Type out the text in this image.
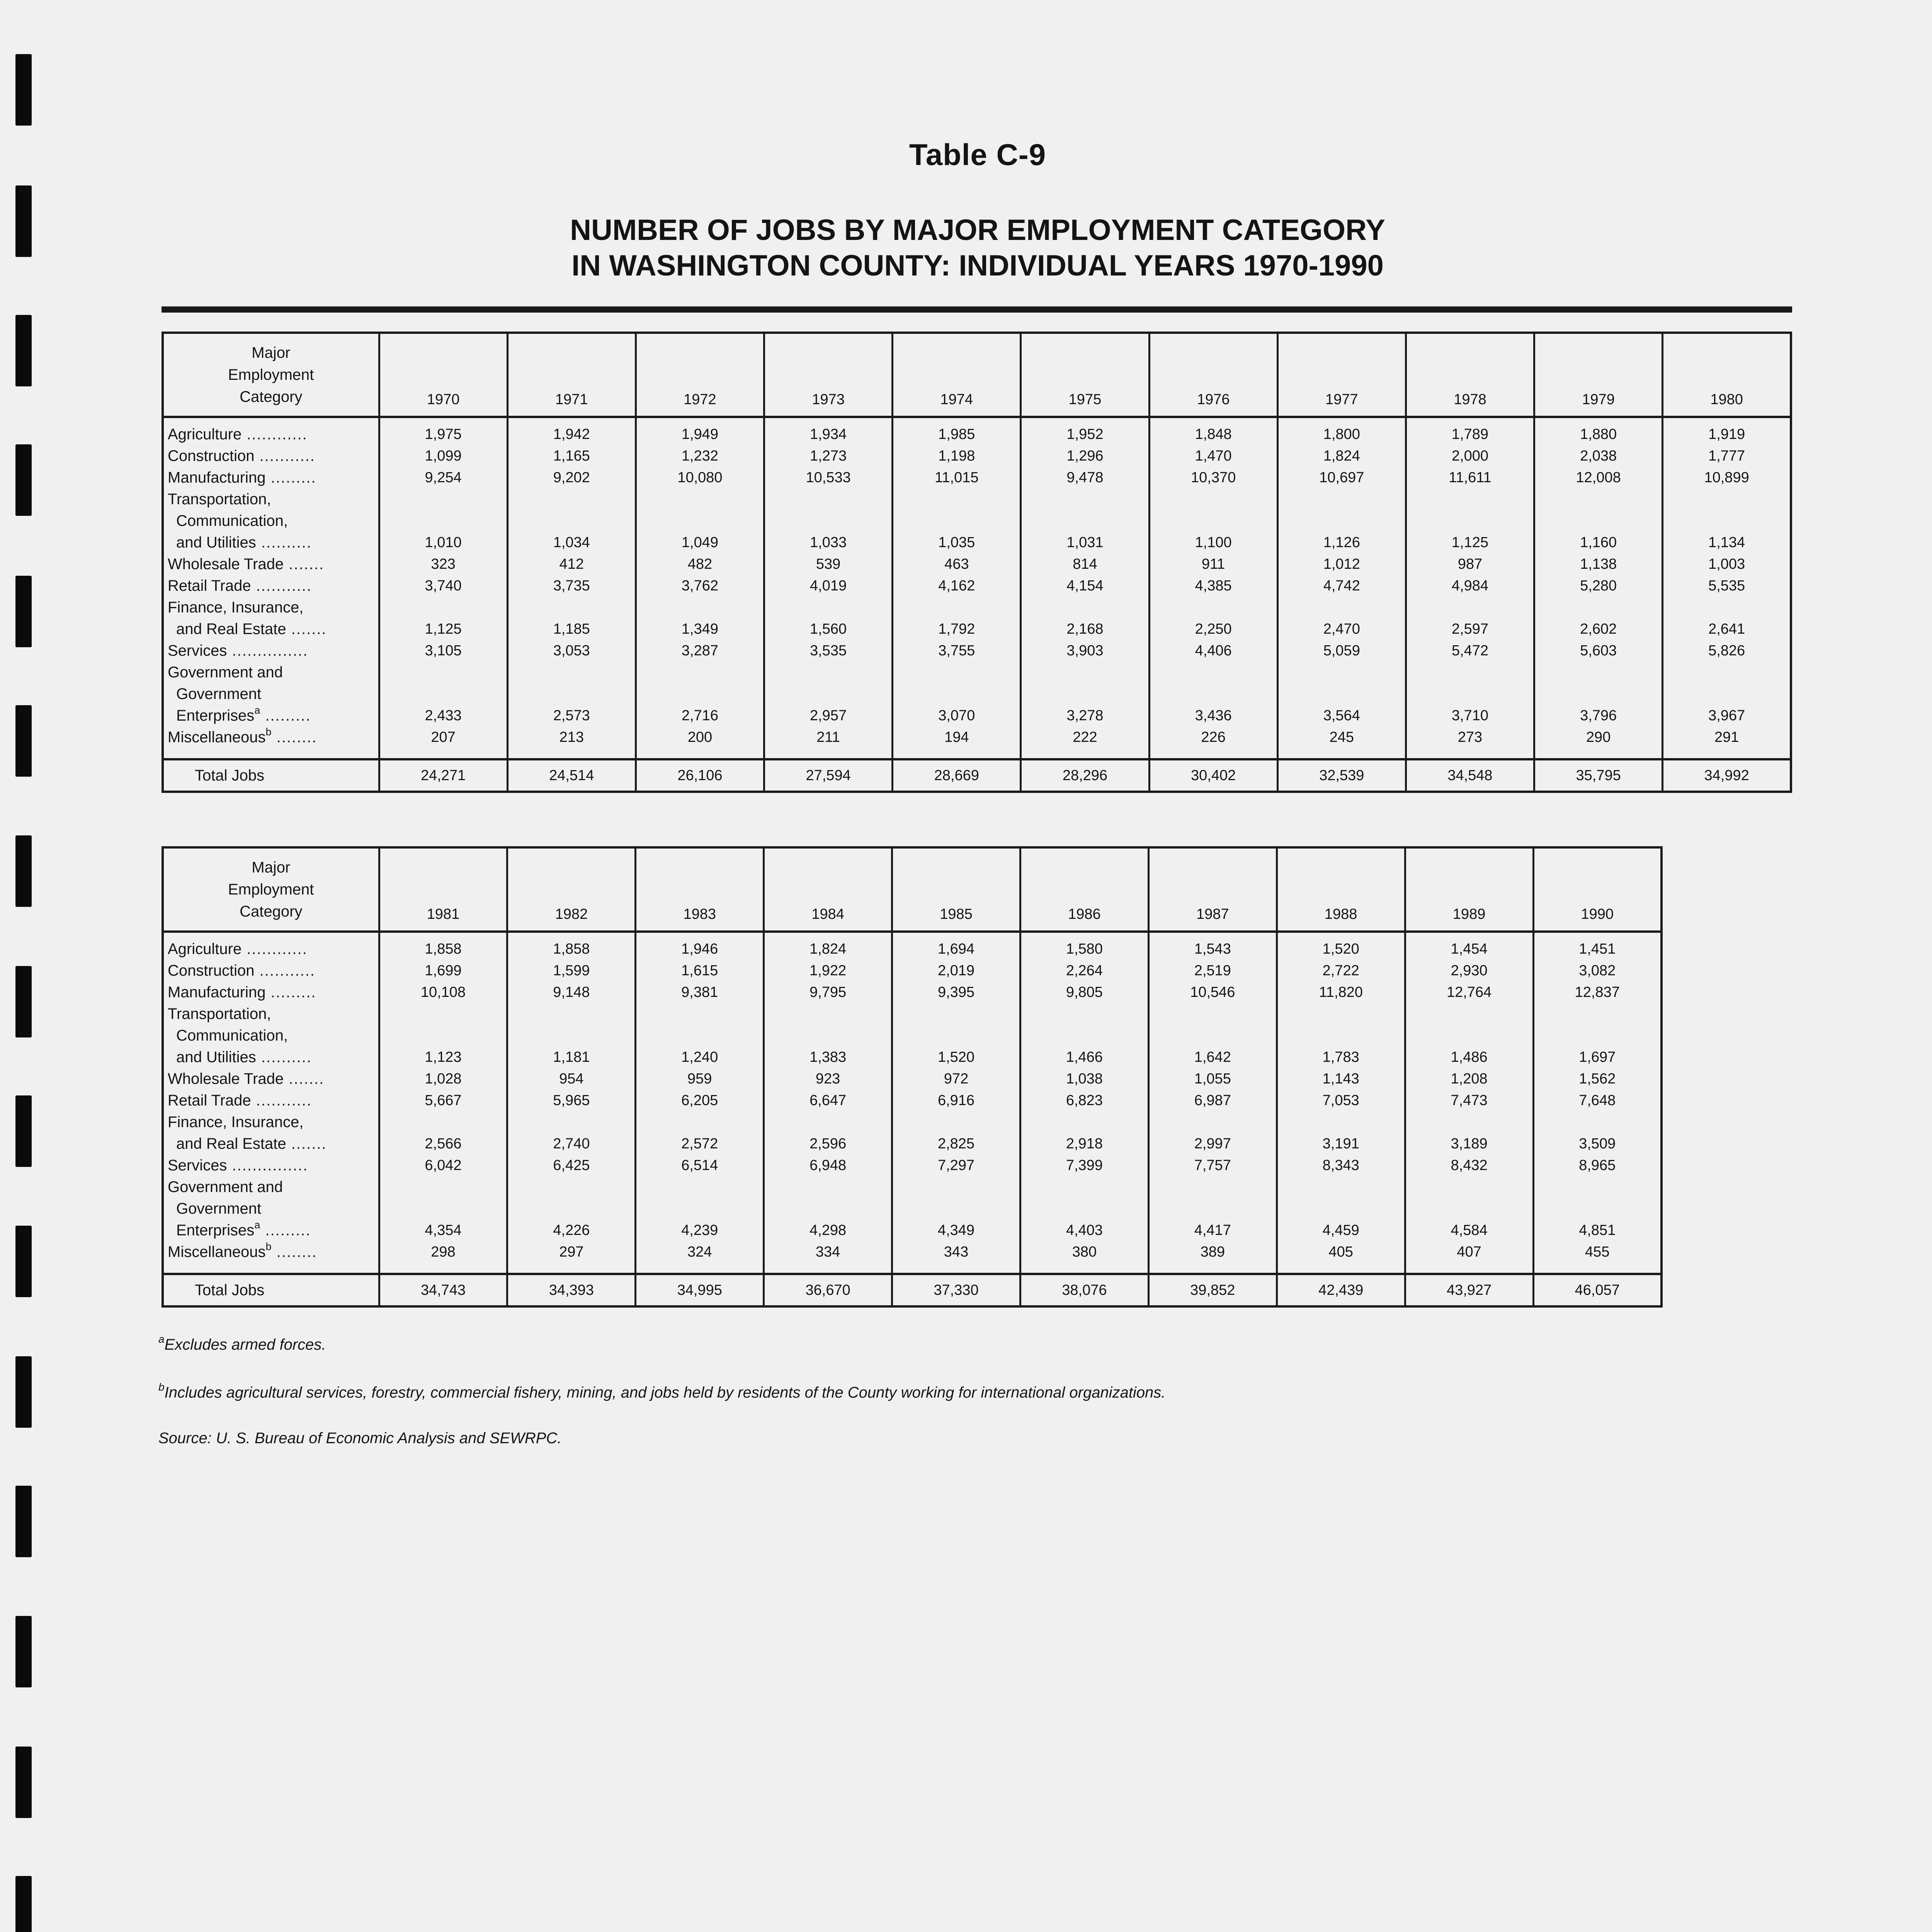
Table C-9
NUMBER OF JOBS BY MAJOR EMPLOYMENT CATEGORY
IN WASHINGTON COUNTY: INDIVIDUAL YEARS 1970-1990
Major
Employment
Category	1970	1971	1972	1973	1974	1975	1976	1977	1978	1979	1980
Agriculture ............	1,975	1,942	1,949	1,934	1,985	1,952	1,848	1,800	1,789	1,880	1,919
Construction ...........	1,099	1,165	1,232	1,273	1,198	1,296	1,470	1,824	2,000	2,038	1,777
Manufacturing .........	9,254	9,202	10,080	10,533	11,015	9,478	10,370	10,697	11,611	12,008	10,899
Transportation,											
Communication,											
and Utilities ..........	1,010	1,034	1,049	1,033	1,035	1,031	1,100	1,126	1,125	1,160	1,134
Wholesale Trade .......	323	412	482	539	463	814	911	1,012	987	1,138	1,003
Retail Trade ...........	3,740	3,735	3,762	4,019	4,162	4,154	4,385	4,742	4,984	5,280	5,535
Finance, Insurance,											
and Real Estate .......	1,125	1,185	1,349	1,560	1,792	2,168	2,250	2,470	2,597	2,602	2,641
Services ...............	3,105	3,053	3,287	3,535	3,755	3,903	4,406	5,059	5,472	5,603	5,826
Government and											
Government											
Enterprises$^a$ .........	2,433	2,573	2,716	2,957	3,070	3,278	3,436	3,564	3,710	3,796	3,967
Miscellaneous$^b$ ........	207	213	200	211	194	222	226	245	273	290	291
Total Jobs	24,271	24,514	26,106	27,594	28,669	28,296	30,402	32,539	34,548	35,795	34,992
Major
Employment
Category	1981	1982	1983	1984	1985	1986	1987	1988	1989	1990
Agriculture ............	1,858	1,858	1,946	1,824	1,694	1,580	1,543	1,520	1,454	1,451
Construction ...........	1,699	1,599	1,615	1,922	2,019	2,264	2,519	2,722	2,930	3,082
Manufacturing .........	10,108	9,148	9,381	9,795	9,395	9,805	10,546	11,820	12,764	12,837
Transportation,										
Communication,										
and Utilities ..........	1,123	1,181	1,240	1,383	1,520	1,466	1,642	1,783	1,486	1,697
Wholesale Trade .......	1,028	954	959	923	972	1,038	1,055	1,143	1,208	1,562
Retail Trade ...........	5,667	5,965	6,205	6,647	6,916	6,823	6,987	7,053	7,473	7,648
Finance, Insurance,										
and Real Estate .......	2,566	2,740	2,572	2,596	2,825	2,918	2,997	3,191	3,189	3,509
Services ...............	6,042	6,425	6,514	6,948	7,297	7,399	7,757	8,343	8,432	8,965
Government and										
Government										
Enterprises$^a$ .........	4,354	4,226	4,239	4,298	4,349	4,403	4,417	4,459	4,584	4,851
Miscellaneous$^b$ ........	298	297	324	334	343	380	389	405	407	455
Total Jobs	34,743	34,393	34,995	36,670	37,330	38,076	39,852	42,439	43,927	46,057
$^a$Excludes armed forces.
$^b$Includes agricultural services, forestry, commercial fishery, mining, and jobs held by residents of the County working for international organizations.
Source: U. S. Bureau of Economic Analysis and SEWRPC.
